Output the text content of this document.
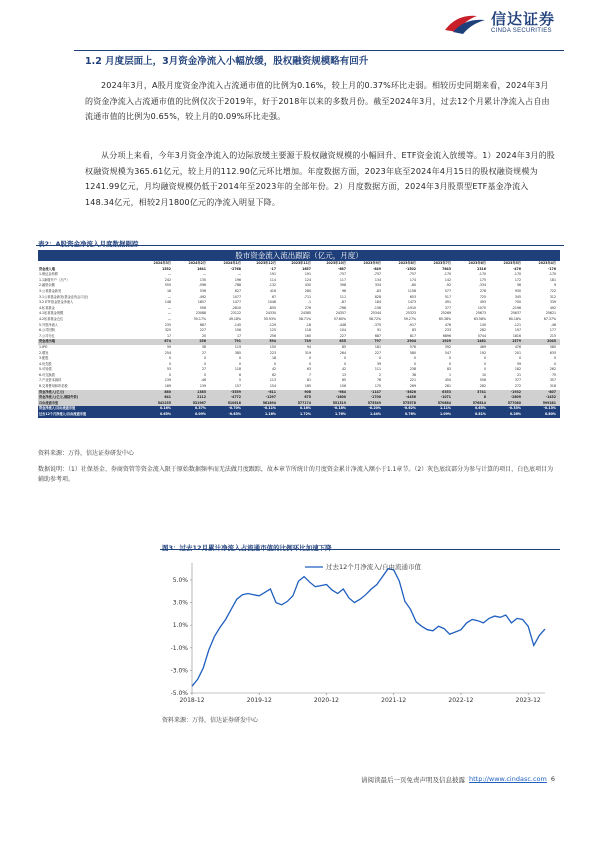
信达证券
CINDA SECURITIES
1.2 月度层面上，3月资金净流入小幅放缓，股权融资规模略有回升

2024年3月，A股月度资金净流入占流通市值的比例为0.16%，较上月的0.37%环比走弱。相较历史同期来看，2024年3月的资金净流入占流通市值的比例仅次于2019年，好于2018年以来的多数月份。截至2024年3月，过去12个月累计净流入占自由流通市值的比例为0.65%，较上月的0.09%环比走强。

从分项上来看，今年3月资金净流入的边际放缓主要源于股权融资规模的小幅回升、ETF资金流入放缓等。1）2024年3月的股权融资规模为365.61亿元，较上月的112.90亿元环比增加。年度数据方面，2023年底至2024年4月15日的股权融资规模为1241.99亿元，月均融资规模仍低于2014年至2023年的全部年份。2）月度数据方面，2024年3月股票型ETF基金净流入148.34亿元，相较2月1800亿元的净流入明显下降。

表2：A股资金净流入月度数据跟踪
股市资金流入流出跟踪（亿元，月度）
2024年3月	2024年2月	2024年1月	2023年12月	2023年11月	2023年10月	2023年9月	2023年8月	2023年7月	2023年6月	2023年5月	2023年4月
资金流入端	1552	1641	-2768	-17	1657	-687	-849	-1502	7643	2316	-476	-176
1.保证金转移	—	—	—	191	191	-757	-757	-757	-170	-170	-170	-170
1.1新增开户（万户）	242	130	196	114	124	117	134	174	142	175	172	181
2.融资余额	555	-596	-788	-132	430	398	334	-80	-92	-334	56	9
3.公募基金新发	16	536	627	416	280	96	-83	1158	577	278	930	722
3.1公募基金新发(基金业协会口径)	—	-492	1077	67	-711	111	828	653	517	725	345	312
3.2 ETF基金资金净流入	148	1857	1477	1046	-1	-87	184	1473	491	493	700	339
4.私募基金	—	556	-2810	-855	276	-768	-156	-1910	377	1070	-2196	492
4.1私募基金规模	—	23088	23122	24330	24385	24357	25344	25323	25269	25673	25637	25621
4.2私募基金仓位	—	55.17%	49.18%	55.93%	58.71%	57.60%	58.72%	59.27%	65.38%	63.58%	60.18%	67.37%
5.外资净流入	235	687	-145	-129	-18	-448	-375	-917	476	140	-121	-46
6.公司回购	325	227	156	125	118	104	91	83	233	282	197	177
7.公司分红	17	20	17	256	160	227	687	817	6896	5744	1816	215
资金流出端	674	256	791	594	749	635	797	2904	1929	1461	1579	2045
1.IPO	59	58	119	150	94	85	181	576	392	469	476	580
2.增发	254	27	385	223	319	264	227	580	547	192	201	635
3.配股	0	0	0	18	0	0	0	0	0	0	0	0
4.优先股	0	0	0	0	0	0	39	0	0	0	59	0
5.可转债	53	27	118	42	63	42	111	238	83	0	182	262
6.可交换债	0	0	6	62	7	13	2	38	1	10	21	75
7.产业资本减持	139	-46	5	113	81	65	76	221	450	558	377	357
8.交易费用和印花税	169	139	157	154	185	156	170	269	281	282	272	318
资金净流入(亿元)	880	1385	-3559	-611	908	-984	-1147	-3626	6353	3741	-1932	-807
资金净流入(亿元,剔除外资)	641	2112	-4772	-1297	675	-1600	-1700	-4456	-1071	8	-2809	-1432
自由流通市值	542255	531967	510618	561894	577174	551319	575549	575578	570884	576814	577080	599281
资金净流入/自由流通市值	0.16%	0.37%	-0.70%	-0.11%	0.16%	-0.18%	-0.20%	-0.62%	1.11%	0.65%	-0.33%	-0.13%
过去12个月净流入/自由流通市值	0.65%	0.09%	-0.83%	1.16%	1.72%	1.76%	1.44%	0.76%	1.09%	0.81%	0.26%	0.80%
资料来源：万得，信达证券研发中心
数据说明：（1）社保基金、券商资管等资金流入限于原始数据频率而无法做月度跟踪，故本章节所统计的月度资金累计净流入额小于1.1章节。（2）灰色底纹部分为参与计算的项目，白色底项目为辅助参考项。
图3：过去12月累计净流入占流通市值的比例环比加速下降
5.0%
3.0%
1.0%
-1.0%
-3.0%
-5.0%
2018-12	2019-12	2020-12	2021-12	2022-12	2023-12
过去12个月净流入/自由流通市值
资料来源：万得，信达证券研发中心
请阅读最后一页免责声明及信息披露 http://www.cindasc.com 6
